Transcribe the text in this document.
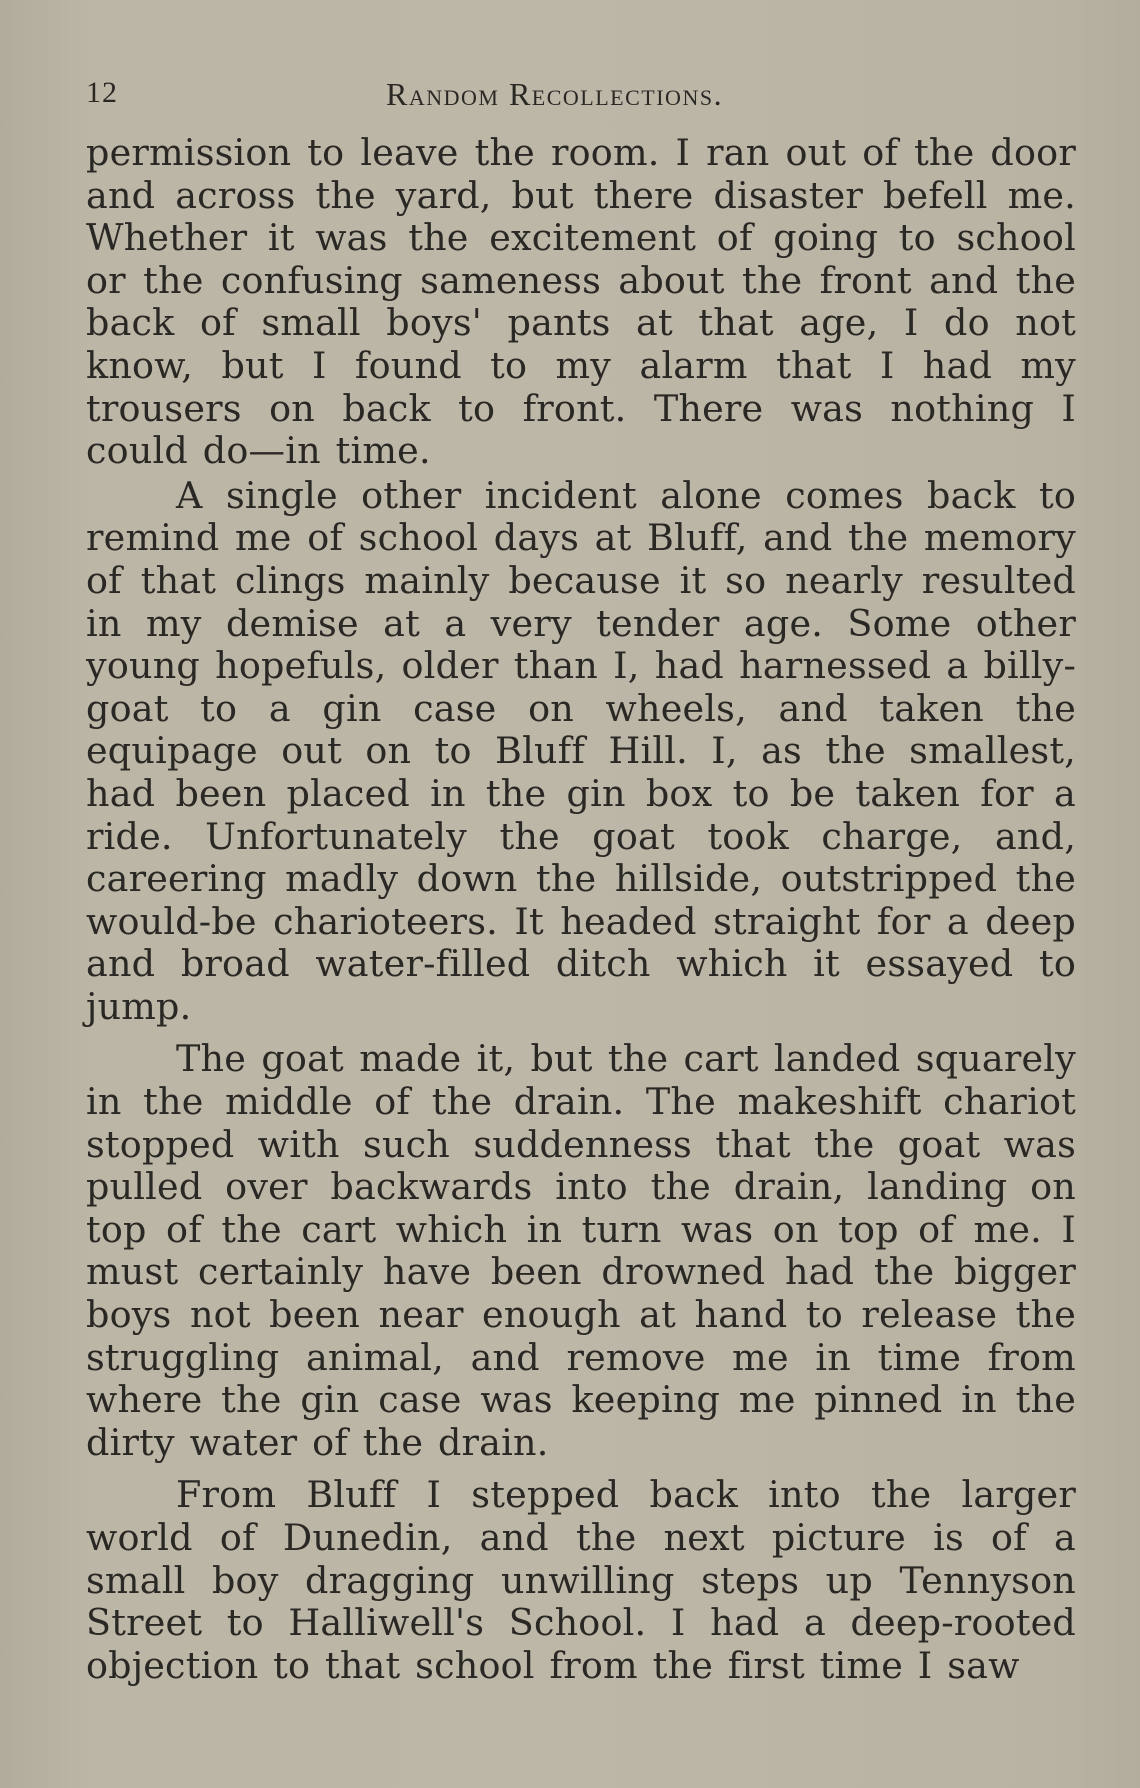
12	Random Recollections.

permission to leave the room. I ran out of the door and across the yard, but there disaster befell me. Whether it was the excitement of going to school or the confusing sameness about the front and the back of small boys' pants at that age, I do not know, but I found to my alarm that I had my trousers on back to front. There was nothing I could do—in time.

A single other incident alone comes back to remind me of school days at Bluff, and the memory of that clings mainly because it so nearly resulted in my demise at a very tender age. Some other young hopefuls, older than I, had harnessed a billy-goat to a gin case on wheels, and taken the equipage out on to Bluff Hill. I, as the smallest, had been placed in the gin box to be taken for a ride. Unfortunately the goat took charge, and, careering madly down the hillside, outstripped the would-be charioteers. It headed straight for a deep and broad water-filled ditch which it essayed to jump.

The goat made it, but the cart landed squarely in the middle of the drain. The makeshift chariot stopped with such suddenness that the goat was pulled over backwards into the drain, landing on top of the cart which in turn was on top of me. I must certainly have been drowned had the bigger boys not been near enough at hand to release the struggling animal, and remove me in time from where the gin case was keeping me pinned in the dirty water of the drain.

From Bluff I stepped back into the larger world of Dunedin, and the next picture is of a small boy dragging unwilling steps up Tennyson Street to Halliwell's School. I had a deep-rooted objection to that school from the first time I saw
